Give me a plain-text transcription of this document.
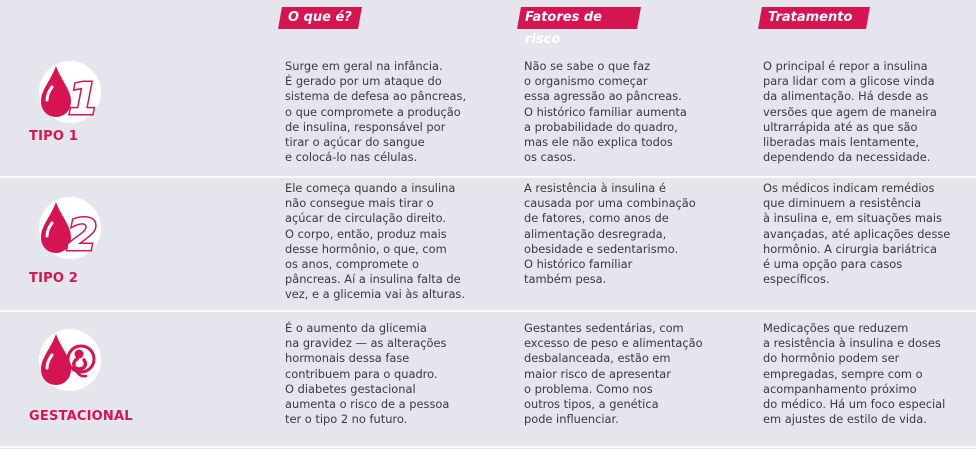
O que é?	Fatores de risco
Tratamento
1
TIPO 1
Surge em geral na infância.
É gerado por um ataque do
sistema de defesa ao pâncreas,
o que compromete a produção
de insulina, responsável por
tirar o açúcar do sangue
e colocá-lo nas células.
Não se sabe o que faz
o organismo começar
essa agressão ao pâncreas.
O histórico familiar aumenta
a probabilidade do quadro,
mas ele não explica todos
os casos.
O principal é repor a insulina
para lidar com a glicose vinda
da alimentação. Há desde as
versões que agem de maneira
ultrarrápida até as que são
liberadas mais lentamente,
dependendo da necessidade.
2
TIPO 2
Ele começa quando a insulina
não consegue mais tirar o
açúcar de circulação direito.
O corpo, então, produz mais
desse hormônio, o que, com
os anos, compromete o
pâncreas. Aí a insulina falta de
vez, e a glicemia vai às alturas.
A resistência à insulina é
causada por uma combinação
de fatores, como anos de
alimentação desregrada,
obesidade e sedentarismo.
O histórico familiar
também pesa.
Os médicos indicam remédios
que diminuem a resistência
à insulina e, em situações mais
avançadas, até aplicações desse
hormônio. A cirurgia bariátrica
é uma opção para casos
específicos.
GESTACIONAL
É o aumento da glicemia
na gravidez — as alterações
hormonais dessa fase
contribuem para o quadro.
O diabetes gestacional
aumenta o risco de a pessoa
ter o tipo 2 no futuro.
Gestantes sedentárias, com
excesso de peso e alimentação
desbalanceada, estão em
maior risco de apresentar
o problema. Como nos
outros tipos, a genética
pode influenciar.
Medicações que reduzem
a resistência à insulina e doses
do hormônio podem ser
empregadas, sempre com o
acompanhamento próximo
do médico. Há um foco especial
em ajustes de estilo de vida.
